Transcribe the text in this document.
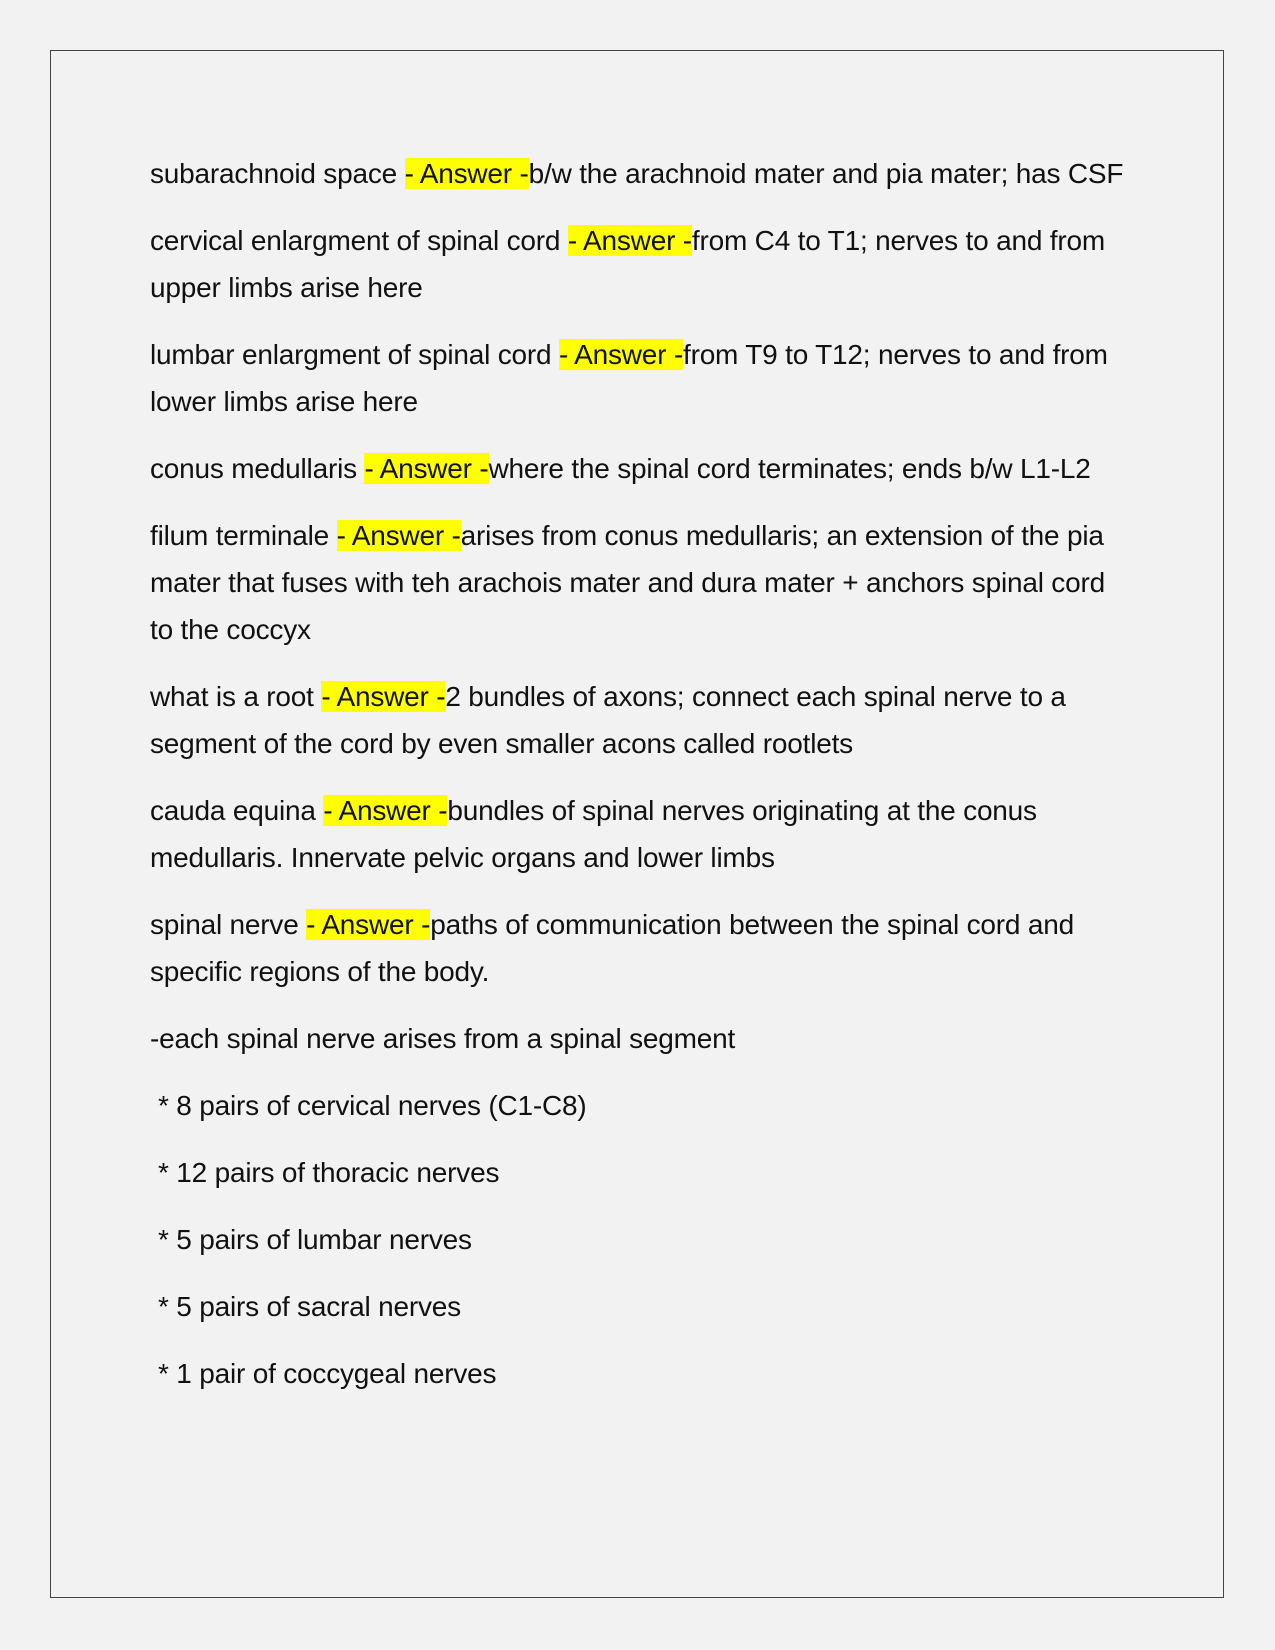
subarachnoid space - Answer -b/w the arachnoid mater and pia mater; has CSF

cervical enlargment of spinal cord - Answer -from C4 to T1; nerves to and from upper limbs arise here

lumbar enlargment of spinal cord - Answer -from T9 to T12; nerves to and from lower limbs arise here

conus medullaris - Answer -where the spinal cord terminates; ends b/w L1-L2

filum terminale - Answer -arises from conus medullaris; an extension of the pia mater that fuses with teh arachois mater and dura mater + anchors spinal cord to the coccyx

what is a root - Answer -2 bundles of axons; connect each spinal nerve to a segment of the cord by even smaller acons called rootlets

cauda equina - Answer -bundles of spinal nerves originating at the conus medullaris. Innervate pelvic organs and lower limbs

spinal nerve - Answer -paths of communication between the spinal cord and specific regions of the body.

-each spinal nerve arises from a spinal segment

* 8 pairs of cervical nerves (C1-C8)

* 12 pairs of thoracic nerves

* 5 pairs of lumbar nerves

* 5 pairs of sacral nerves

* 1 pair of coccygeal nerves
